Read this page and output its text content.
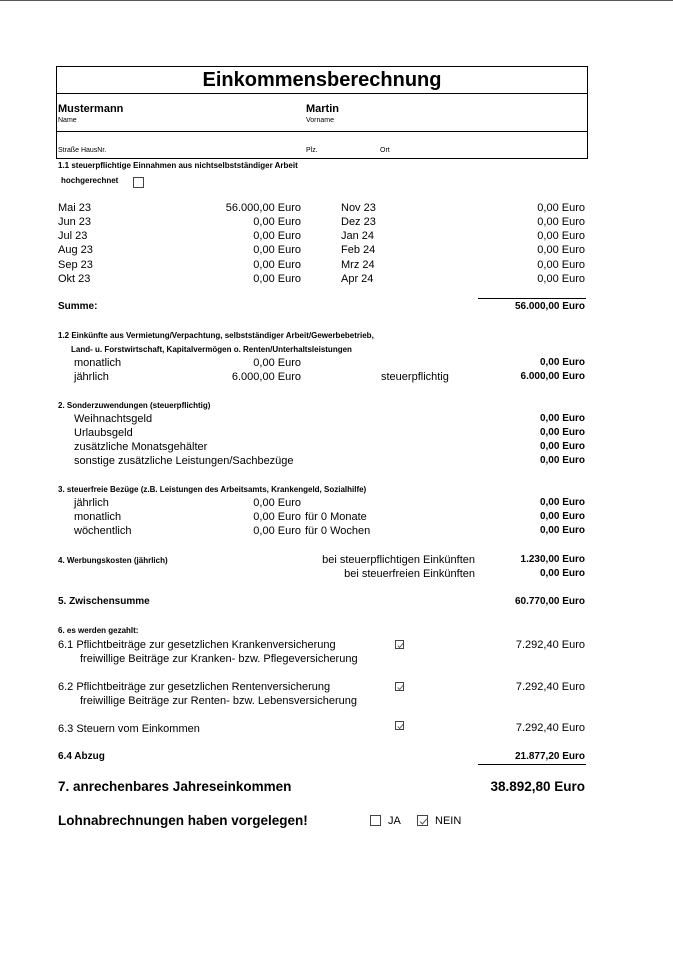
Einkommensberechnung
Mustermann
Name
Martin
Vorname
Straße HausNr.	Plz.	Ort
1.1 steuerpflichtige Einnahmen aus nichtselbstständiger Arbeit
hochgerechnet
Mai 23	56.000,00 Euro
Jun 23	0,00 Euro
Jul 23	0,00 Euro
Aug 23	0,00 Euro
Sep 23	0,00 Euro
Okt 23	0,00 Euro
Nov 23	0,00 Euro
Dez 23	0,00 Euro
Jan 24	0,00 Euro
Feb 24	0,00 Euro
Mrz 24	0,00 Euro
Apr 24	0,00 Euro
Summe:	56.000,00 Euro
1.2 Einkünfte aus Vermietung/Verpachtung, selbstständiger Arbeit/Gewerbebetrieb,
Land- u. Forstwirtschaft, Kapitalvermögen o. Renten/Unterhaltsleistungen
monatlich	0,00 Euro	0,00 Euro
jährlich	6.000,00 Euro	steuerpflichtig	6.000,00 Euro
2. Sonderzuwendungen (steuerpflichtig)
Weihnachtsgeld	0,00 Euro
Urlaubsgeld	0,00 Euro
zusätzliche Monatsgehälter	0,00 Euro
sonstige zusätzliche Leistungen/Sachbezüge	0,00 Euro
3. steuerfreie Bezüge (z.B. Leistungen des Arbeitsamts, Krankengeld, Sozialhilfe)
jährlich	0,00 Euro	0,00 Euro
monatlich	0,00 Euro für 0 Monate	0,00 Euro
wöchentlich	0,00 Euro für 0 Wochen	0,00 Euro
4. Werbungskosten (jährlich)	bei steuerpflichtigen Einkünften	1.230,00 Euro
bei steuerfreien Einkünften	0,00 Euro
5. Zwischensumme	60.770,00 Euro
6. es werden gezahlt:
6.1 Pflichtbeiträge zur gesetzlichen Krankenversicherung
freiwillige Beiträge zur Kranken- bzw. Pflegeversicherung
7.292,40 Euro
6.2 Pflichtbeiträge zur gesetzlichen Rentenversicherung
freiwillige Beiträge zur Renten- bzw. Lebensversicherung
7.292,40 Euro
6.3 Steuern vom Einkommen	7.292,40 Euro
6.4 Abzug	21.877,20 Euro
7. anrechenbares Jahreseinkommen	38.892,80 Euro
Lohnabrechnungen haben vorgelegen!	JA	NEIN
